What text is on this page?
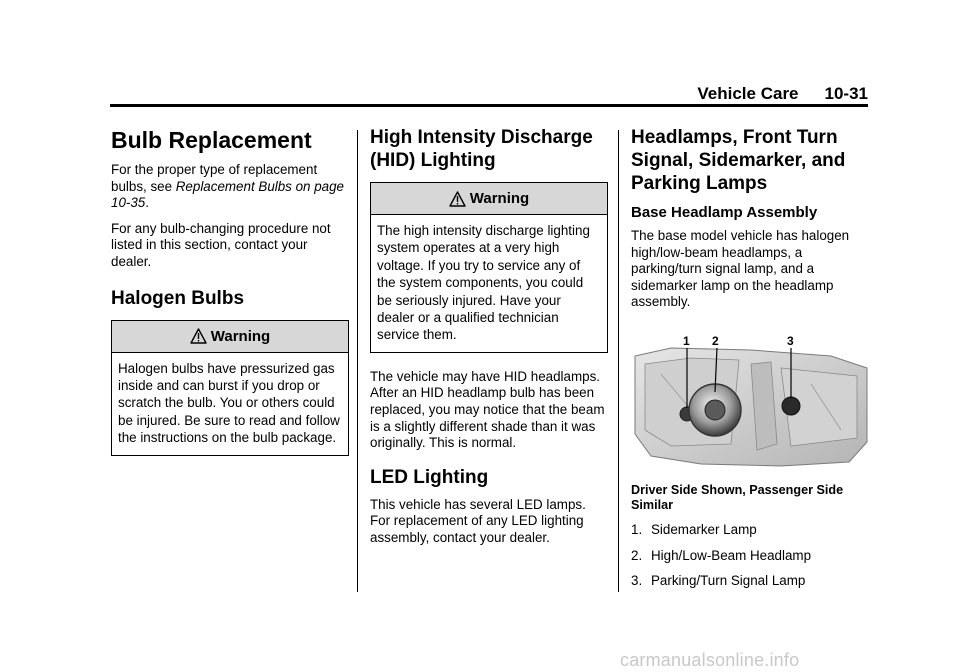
Vehicle Care 10-31
Bulb Replacement

For the proper type of replacement bulbs, see Replacement Bulbs on page 10-35.

For any bulb-changing procedure not listed in this section, contact your dealer.

Halogen Bulbs
Warning
Halogen bulbs have pressurized gas inside and can burst if you drop or scratch the bulb. You or others could be injured. Be sure to read and follow the instructions on the bulb package.
High Intensity Discharge (HID) Lighting
Warning
The high intensity discharge lighting system operates at a very high voltage. If you try to service any of the system components, you could be seriously injured. Have your dealer or a qualified technician service them.

The vehicle may have HID headlamps. After an HID headlamp bulb has been replaced, you may notice that the beam is a slightly different shade than it was originally. This is normal.

LED Lighting

This vehicle has several LED lamps. For replacement of any LED lighting assembly, contact your dealer.

Headlamps, Front Turn Signal, Sidemarker, and Parking Lamps
Base Headlamp Assembly

The base model vehicle has halogen high/low-beam headlamps, a parking/turn signal lamp, and a sidemarker lamp on the headlamp assembly.

1 2	3
Driver Side Shown, Passenger Side Similar
1. Sidemarker Lamp
2. High/Low-Beam Headlamp
3. Parking/Turn Signal Lamp
carmanualsonline.info
